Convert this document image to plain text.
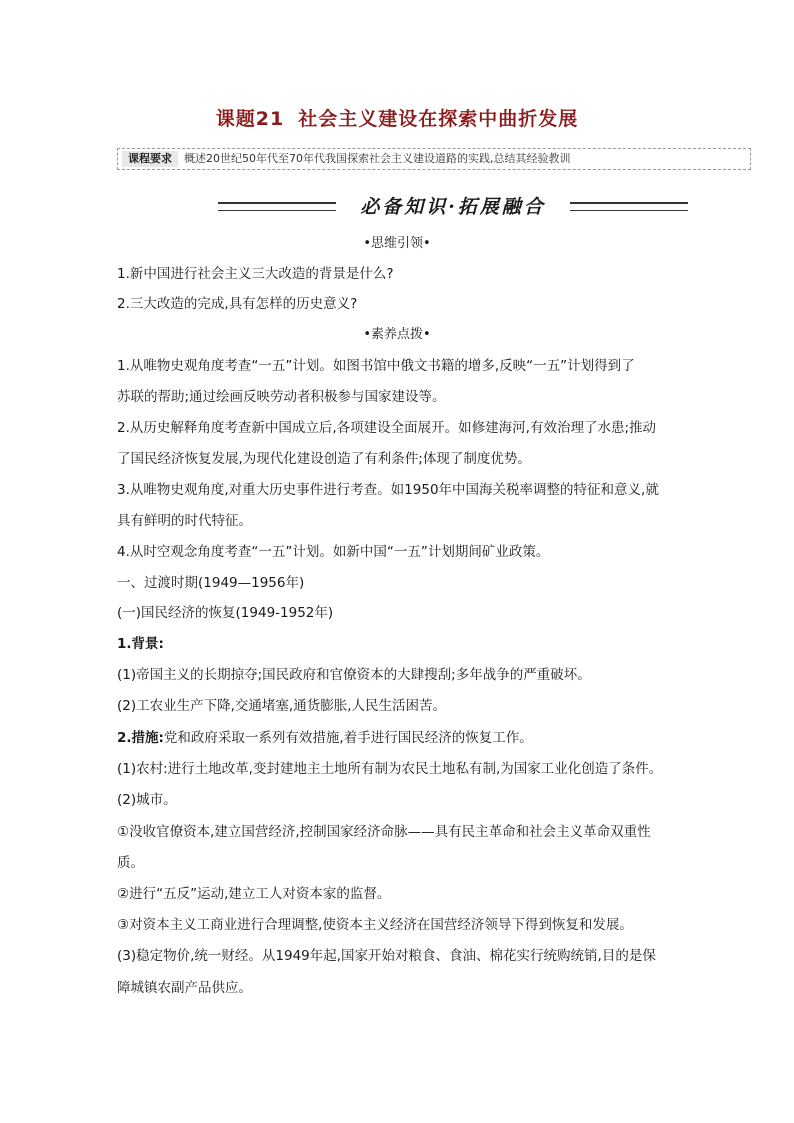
课题21 社会主义建设在探索中曲折发展
课程要求 概述20世纪50年代至70年代我国探索社会主义建设道路的实践,总结其经验教训
必备知识·拓展融合
•思维引领•
1.新中国进行社会主义三大改造的背景是什么?
2.三大改造的完成,具有怎样的历史意义?
•素养点拨•
1.从唯物史观角度考查“一五”计划。如图书馆中俄文书籍的增多,反映“一五”计划得到了
苏联的帮助;通过绘画反映劳动者积极参与国家建设等。
2.从历史解释角度考查新中国成立后,各项建设全面展开。如修建海河,有效治理了水患;推动
了国民经济恢复发展,为现代化建设创造了有利条件;体现了制度优势。
3.从唯物史观角度,对重大历史事件进行考查。如1950年中国海关税率调整的特征和意义,就
具有鲜明的时代特征。
4.从时空观念角度考查“一五”计划。如新中国“一五”计划期间矿业政策。
一、过渡时期(1949—1956年)
(一)国民经济的恢复(1949-1952年)
1.背景:
(1)帝国主义的长期掠夺;国民政府和官僚资本的大肆搜刮;多年战争的严重破坏。
(2)工农业生产下降,交通堵塞,通货膨胀,人民生活困苦。
2.措施:党和政府采取一系列有效措施,着手进行国民经济的恢复工作。
(1)农村:进行土地改革,变封建地主土地所有制为农民土地私有制,为国家工业化创造了条件。
(2)城市。
①没收官僚资本,建立国营经济,控制国家经济命脉——具有民主革命和社会主义革命双重性
质。
②进行“五反”运动,建立工人对资本家的监督。
③对资本主义工商业进行合理调整,使资本主义经济在国营经济领导下得到恢复和发展。
(3)稳定物价,统一财经。从1949年起,国家开始对粮食、食油、棉花实行统购统销,目的是保
障城镇农副产品供应。
